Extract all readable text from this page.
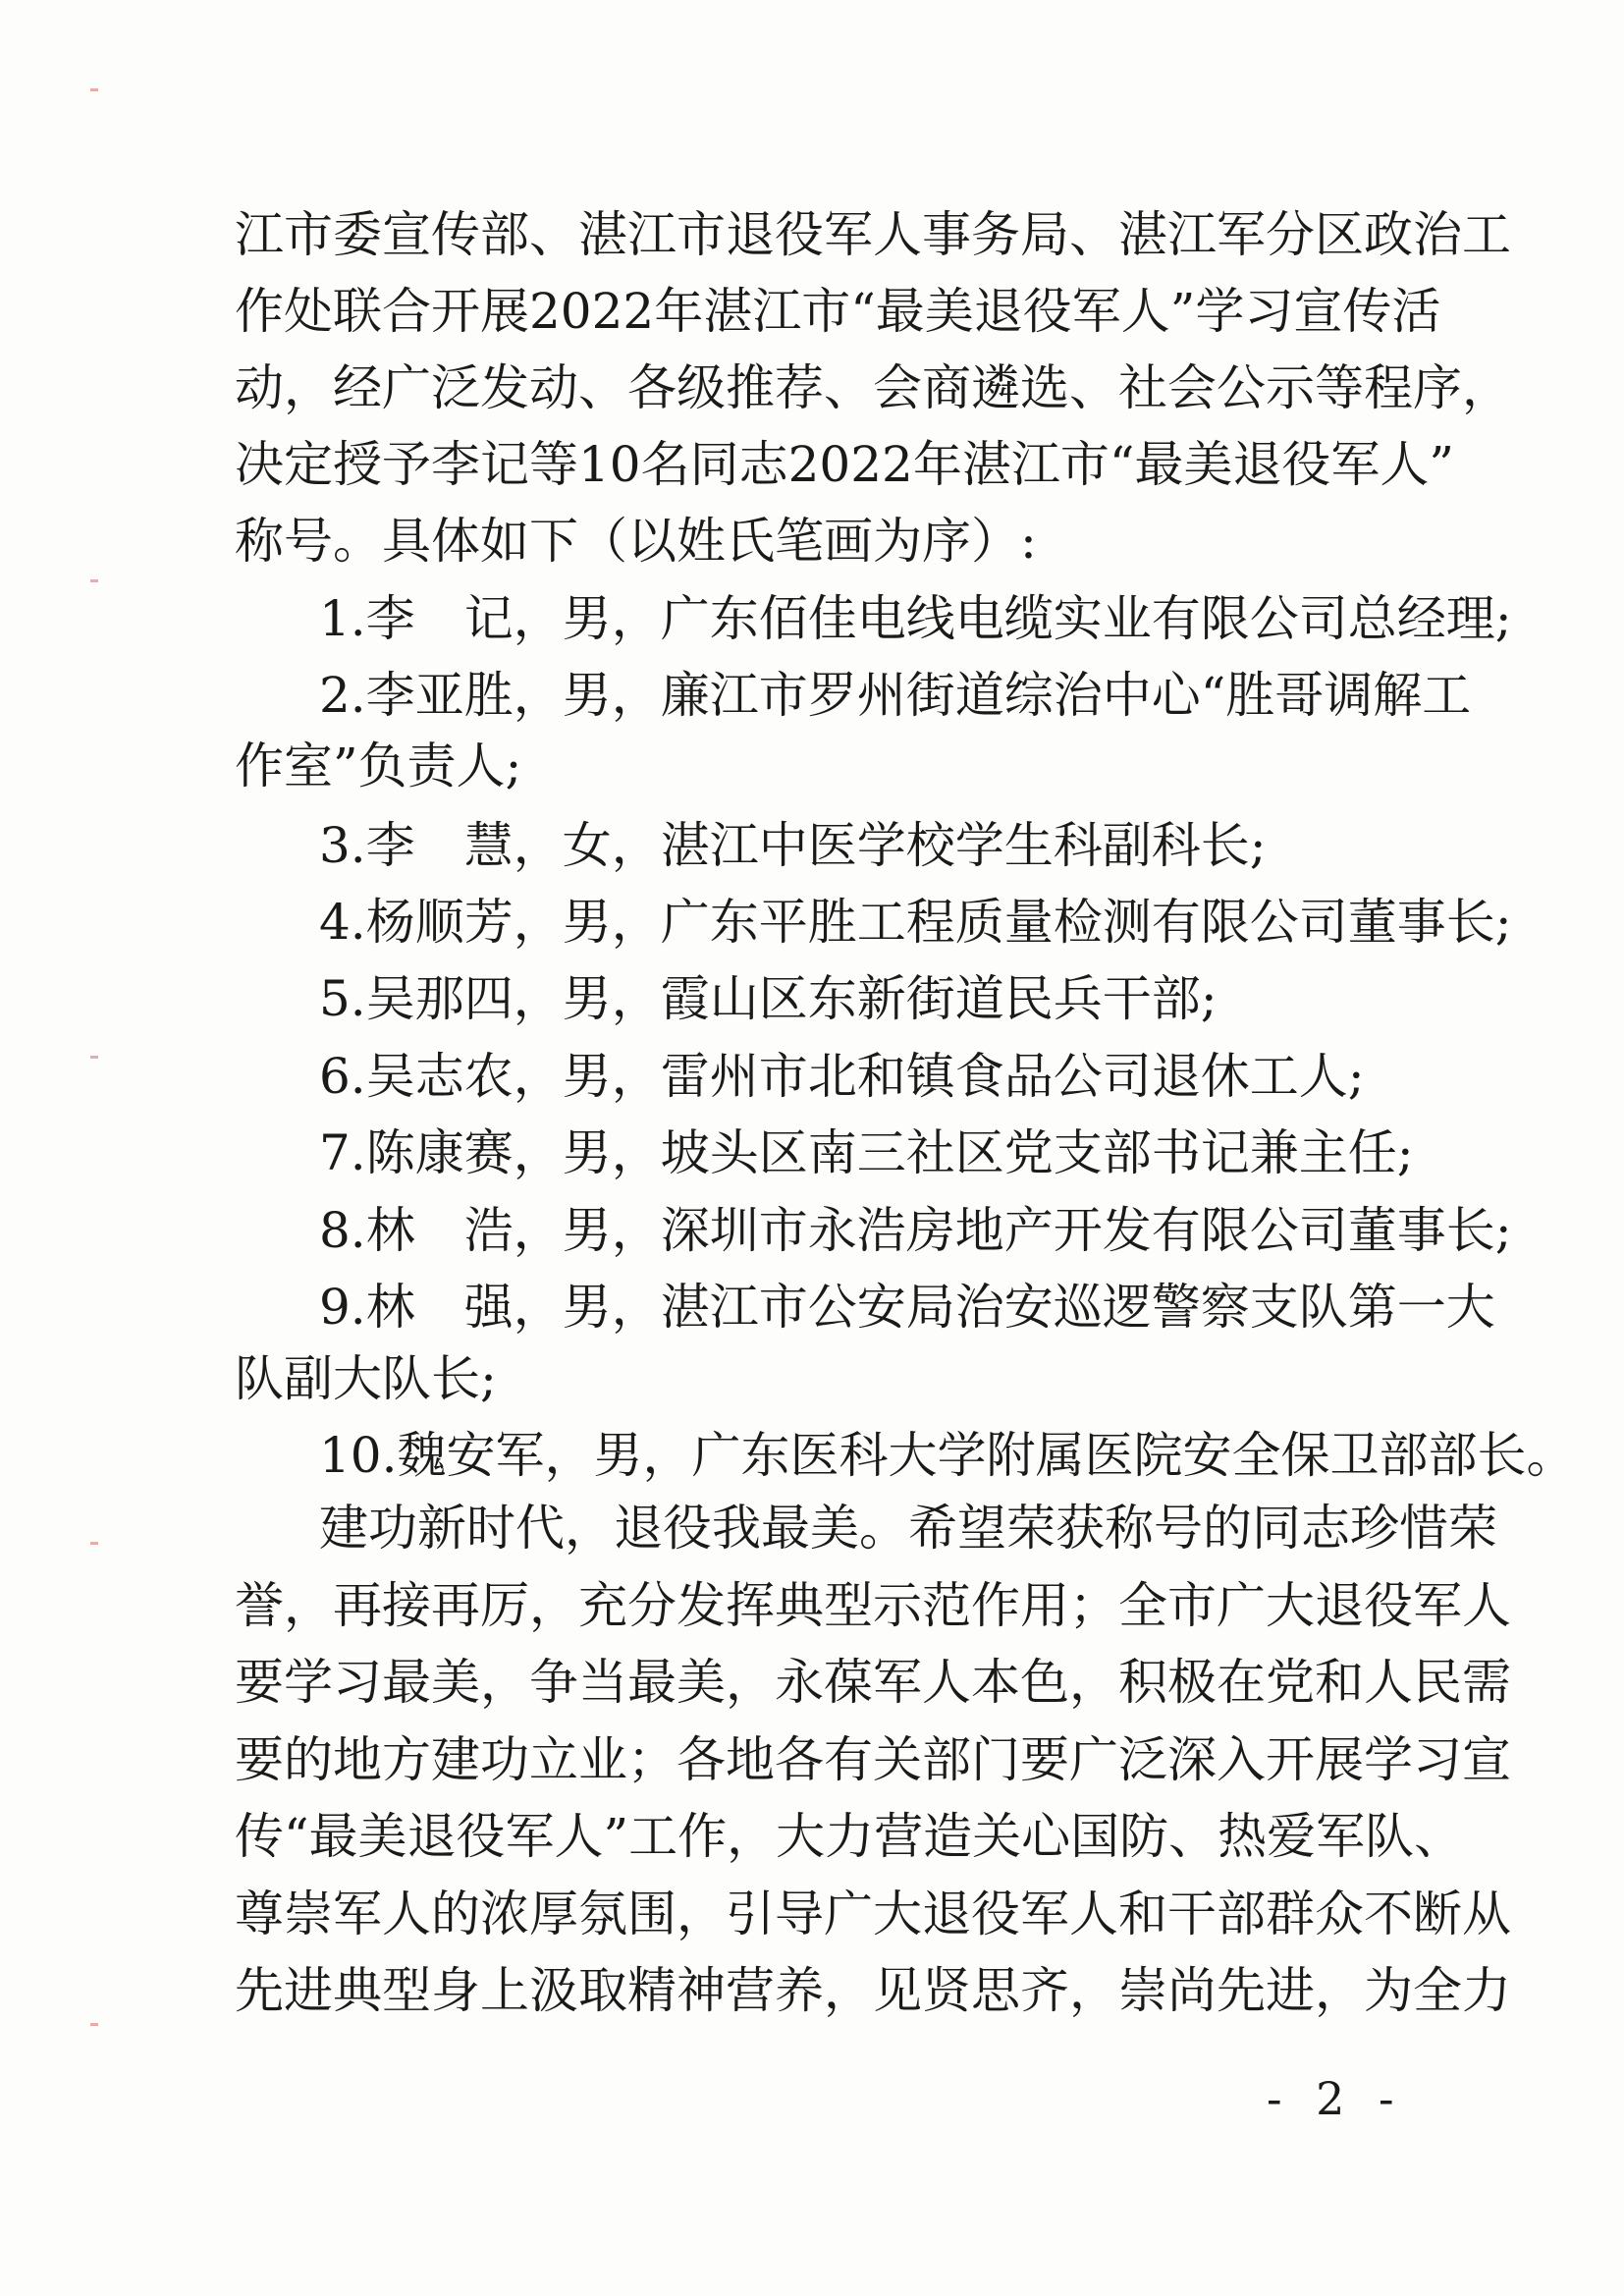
江市委宣传部、湛江市退役军人事务局、湛江军分区政治工
作处联合开展2022年湛江市“最美退役军人”学习宣传活
动，经广泛发动、各级推荐、会商遴选、社会公示等程序，
决定授予李记等10名同志2022年湛江市“最美退役军人”
称号。具体如下（以姓氏笔画为序）:
1.李　记，男，广东佰佳电线电缆实业有限公司总经理;
2.李亚胜，男，廉江市罗州街道综治中心“胜哥调解工
作室”负责人;
3.李　慧，女，湛江中医学校学生科副科长;
4.杨顺芳，男，广东平胜工程质量检测有限公司董事长;
5.吴那四，男，霞山区东新街道民兵干部;
6.吴志农，男，雷州市北和镇食品公司退休工人;
7.陈康赛，男，坡头区南三社区党支部书记兼主任;
8.林　浩，男，深圳市永浩房地产开发有限公司董事长;
9.林　强，男，湛江市公安局治安巡逻警察支队第一大
队副大队长;
10.魏安军，男，广东医科大学附属医院安全保卫部部长。
建功新时代，退役我最美。希望荣获称号的同志珍惜荣
誉，再接再厉，充分发挥典型示范作用；全市广大退役军人
要学习最美，争当最美，永葆军人本色，积极在党和人民需
要的地方建功立业；各地各有关部门要广泛深入开展学习宣
传“最美退役军人”工作，大力营造关心国防、热爱军队、
尊崇军人的浓厚氛围，引导广大退役军人和干部群众不断从
先进典型身上汲取精神营养，见贤思齐，崇尚先进，为全力
- 2 -
